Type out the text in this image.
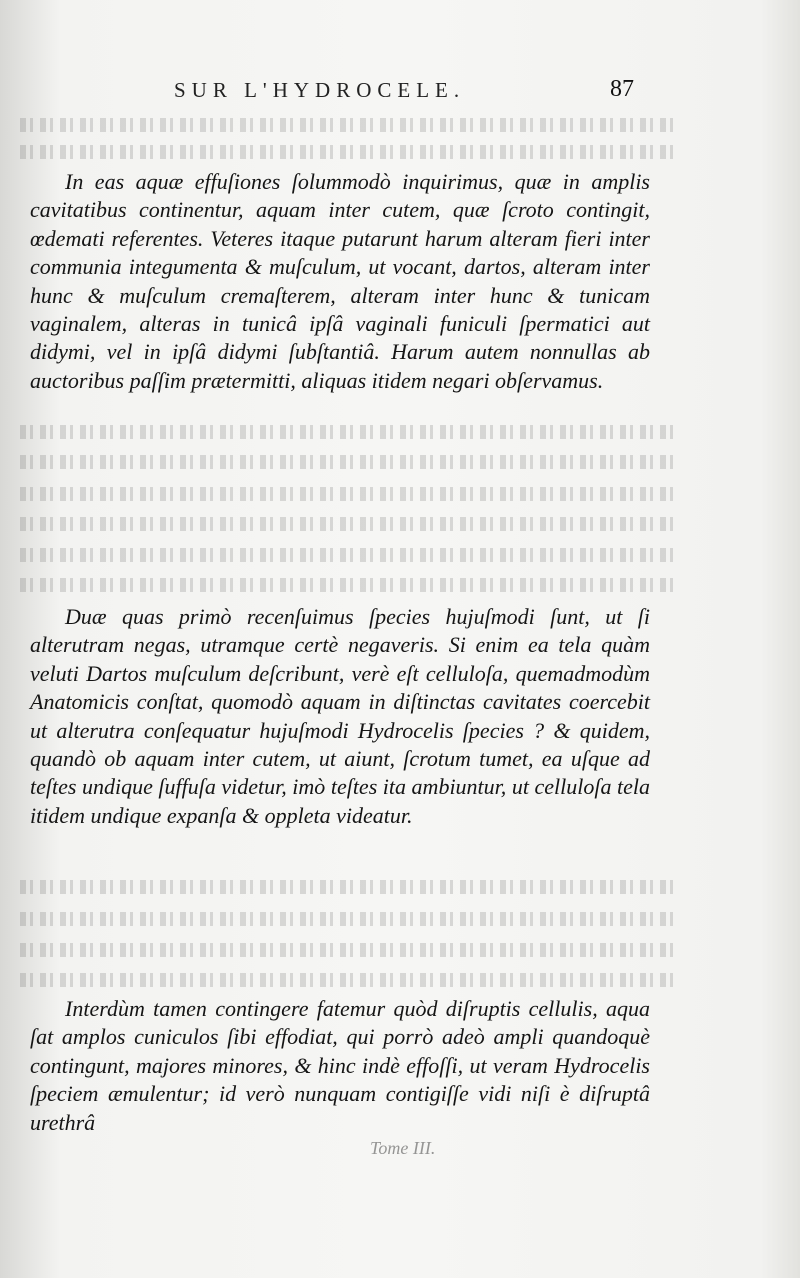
SUR L'HYDROCELE.	87

In eas aquæ effuſiones ſolummodò inquirimus, quæ in amplis cavitatibus continentur, aquam inter cutem, quæ ſcroto contingit, œdemati referentes. Veteres itaque putarunt harum alteram fieri inter communia integumenta & muſculum, ut vocant, dartos, alteram inter hunc & muſculum cremaſterem, alteram inter hunc & tunicam vaginalem, alteras in tunicâ ipſâ vaginali funiculi ſpermatici aut didymi, vel in ipſâ didymi ſubſtantiâ. Harum autem nonnullas ab auctoribus paſſim prætermitti, aliquas itidem negari obſervamus.

Duæ quas primò recenſuimus ſpecies hujuſmodi ſunt, ut ſi alterutram negas, utramque certè negaveris. Si enim ea tela quàm veluti Dartos muſculum deſcribunt, verè eſt celluloſa, quemadmodùm Anatomicis conſtat, quomodò aquam in diſtinctas cavitates coercebit ut alterutra conſequatur hujuſmodi Hydrocelis ſpecies ? & quidem, quandò ob aquam inter cutem, ut aiunt, ſcrotum tumet, ea uſque ad teſtes undique ſuffuſa videtur, imò teſtes ita ambiuntur, ut celluloſa tela itidem undique expanſa & oppleta videatur.

Interdùm tamen contingere fatemur quòd diſruptis cellulis, aqua ſat amplos cuniculos ſibi effodiat, qui porrò adeò ampli quandoquè contingunt, majores minores, & hinc indè effoſſi, ut veram Hydrocelis ſpeciem æmulentur; id verò nunquam contigiſſe vidi niſi è diſruptâ urethrâ

Tome III.
